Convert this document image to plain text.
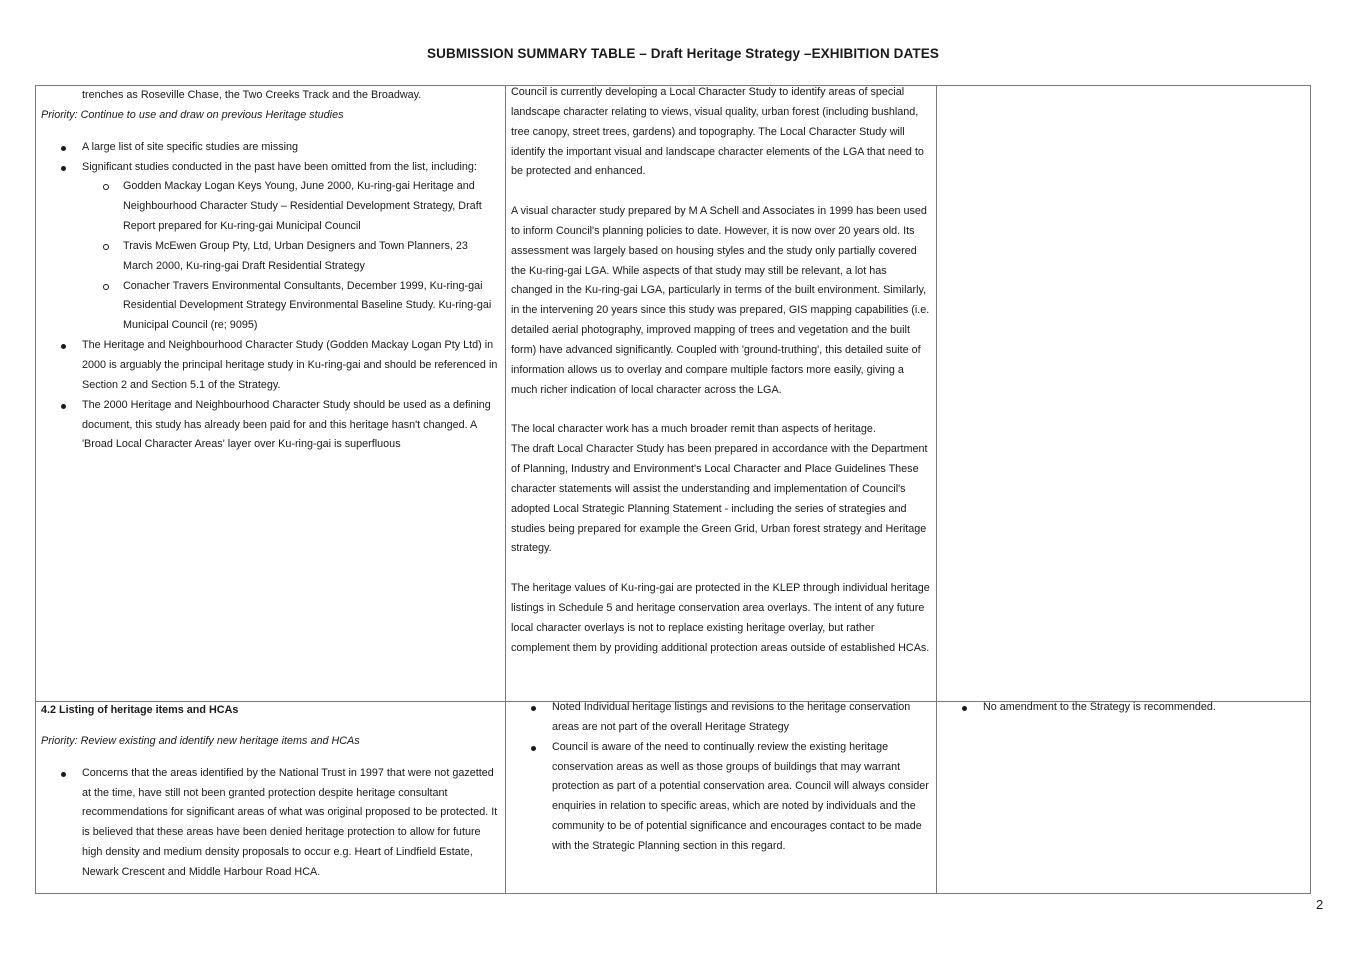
SUBMISSION SUMMARY TABLE – Draft Heritage Strategy –EXHIBITION DATES

trenches as Roseville Chase, the Two Creeks Track and the Broadway.

Priority: Continue to use and draw on previous Heritage studies

A large list of site specific studies are missing
Significant studies conducted in the past have been omitted from the list, including:
Godden Mackay Logan Keys Young, June 2000, Ku-ring-gai Heritage and Neighbourhood Character Study – Residential Development Strategy, Draft Report prepared for Ku-ring-gai Municipal Council
Travis McEwen Group Pty, Ltd, Urban Designers and Town Planners, 23 March 2000, Ku-ring-gai Draft Residential Strategy
Conacher Travers Environmental Consultants, December 1999, Ku-ring-gai Residential Development Strategy Environmental Baseline Study. Ku-ring-gai Municipal Council (re; 9095)
The Heritage and Neighbourhood Character Study (Godden Mackay Logan Pty Ltd) in 2000 is arguably the principal heritage study in Ku-ring-gai and should be referenced in Section 2 and Section 5.1 of the Strategy.
The 2000 Heritage and Neighbourhood Character Study should be used as a defining document, this study has already been paid for and this heritage hasn't changed. A 'Broad Local Character Areas' layer over Ku-ring-gai is superfluous

Council is currently developing a Local Character Study to identify areas of special landscape character relating to views, visual quality, urban forest (including bushland, tree canopy, street trees, gardens) and topography. The Local Character Study will identify the important visual and landscape character elements of the LGA that need to be protected and enhanced.

A visual character study prepared by M A Schell and Associates in 1999 has been used to inform Council's planning policies to date. However, it is now over 20 years old. Its assessment was largely based on housing styles and the study only partially covered the Ku-ring-gai LGA. While aspects of that study may still be relevant, a lot has changed in the Ku-ring-gai LGA, particularly in terms of the built environment. Similarly, in the intervening 20 years since this study was prepared, GIS mapping capabilities (i.e. detailed aerial photography, improved mapping of trees and vegetation and the built form) have advanced significantly. Coupled with 'ground-truthing', this detailed suite of information allows us to overlay and compare multiple factors more easily, giving a much richer indication of local character across the LGA.

The local character work has a much broader remit than aspects of heritage.

The draft Local Character Study has been prepared in accordance with the Department of Planning, Industry and Environment's Local Character and Place Guidelines These character statements will assist the understanding and implementation of Council's adopted Local Strategic Planning Statement - including the series of strategies and studies being prepared for example the Green Grid, Urban forest strategy and Heritage strategy.

The heritage values of Ku-ring-gai are protected in the KLEP through individual heritage listings in Schedule 5 and heritage conservation area overlays. The intent of any future local character overlays is not to replace existing heritage overlay, but rather complement them by providing additional protection areas outside of established HCAs.

4.2 Listing of heritage items and HCAs

Priority: Review existing and identify new heritage items and HCAs

Concerns that the areas identified by the National Trust in 1997 that were not gazetted at the time, have still not been granted protection despite heritage consultant recommendations for significant areas of what was original proposed to be protected. It is believed that these areas have been denied heritage protection to allow for future high density and medium density proposals to occur e.g. Heart of Lindfield Estate, Newark Crescent and Middle Harbour Road HCA.
Noted Individual heritage listings and revisions to the heritage conservation areas are not part of the overall Heritage Strategy
Council is aware of the need to continually review the existing heritage conservation areas as well as those groups of buildings that may warrant protection as part of a potential conservation area. Council will always consider enquiries in relation to specific areas, which are noted by individuals and the community to be of potential significance and encourages contact to be made with the Strategic Planning section in this regard.
No amendment to the Strategy is recommended.
2
